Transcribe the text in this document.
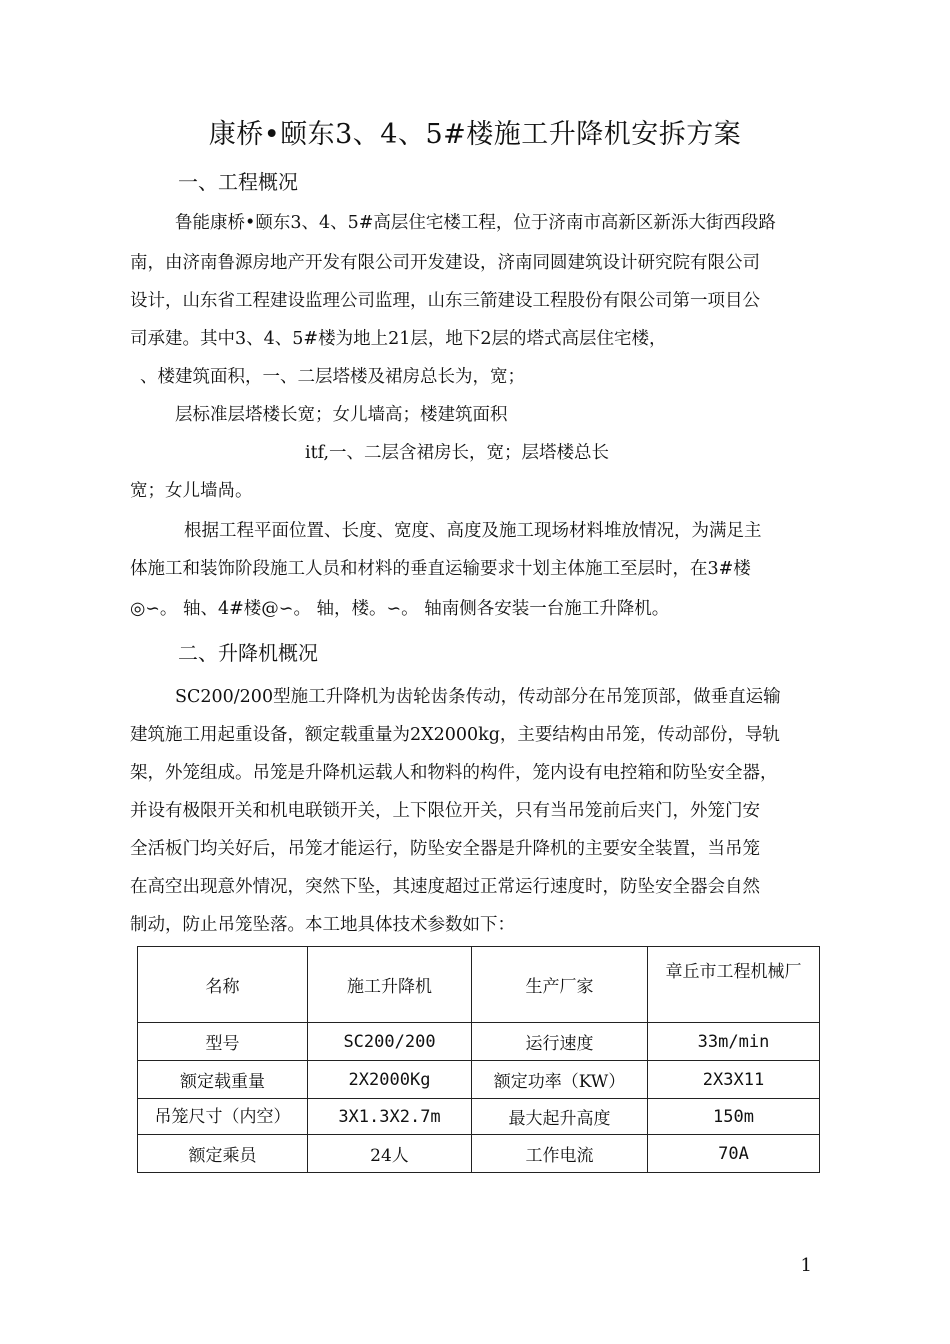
康桥•颐东3、4、5#楼施工升降机安拆方案
一、工程概况
鲁能康桥•颐东3、4、5#高层住宅楼工程，位于济南市高新区新泺大街西段路
南，由济南鲁源房地产开发有限公司开发建设，济南同圆建筑设计研究院有限公司
设计，山东省工程建设监理公司监理，山东三箭建设工程股份有限公司第一项目公
司承建。其中3、4、5#楼为地上21层，地下2层的塔式高层住宅楼，
、楼建筑面积，一、二层塔楼及裙房总长为，宽；
层标准层塔楼长宽；女儿墙高；楼建筑面积
itf,一、二层含裙房长，宽；层塔楼总长
宽；女儿墙咼。
根据工程平面位置、长度、宽度、高度及施工现场材料堆放情况，为满足主
体施工和装饰阶段施工人员和材料的垂直运输要求十划主体施工至层时，在3#楼
◎∽。 轴、4#楼@∽。 轴，楼。∽。 轴南侧各安装一台施工升降机。
二、升降机概况
SC200/200型施工升降机为齿轮齿条传动，传动部分在吊笼顶部，做垂直运输
建筑施工用起重设备，额定载重量为2X2000kg，主要结构由吊笼，传动部份，导轨
架，外笼组成。吊笼是升降机运载人和物料的构件，笼内设有电控箱和防坠安全器，
并设有极限开关和机电联锁开关，上下限位开关，只有当吊笼前后夹门，外笼门安
全活板门均关好后，吊笼才能运行，防坠安全器是升降机的主要安全装置，当吊笼
在高空出现意外情况，突然下坠，其速度超过正常运行速度时，防坠安全器会自然
制动，防止吊笼坠落。本工地具体技术参数如下：
名称	施工升降机	生产厂家	章丘市工程机械厂
型号	SC200/200	运行速度	33m/min
额定载重量	2X2000Kg	额定功率（KW）	2X3X11
吊笼尺寸（内空）	3X1.3X2.7m	最大起升高度	150m
额定乘员	24人	工作电流	70A
1
